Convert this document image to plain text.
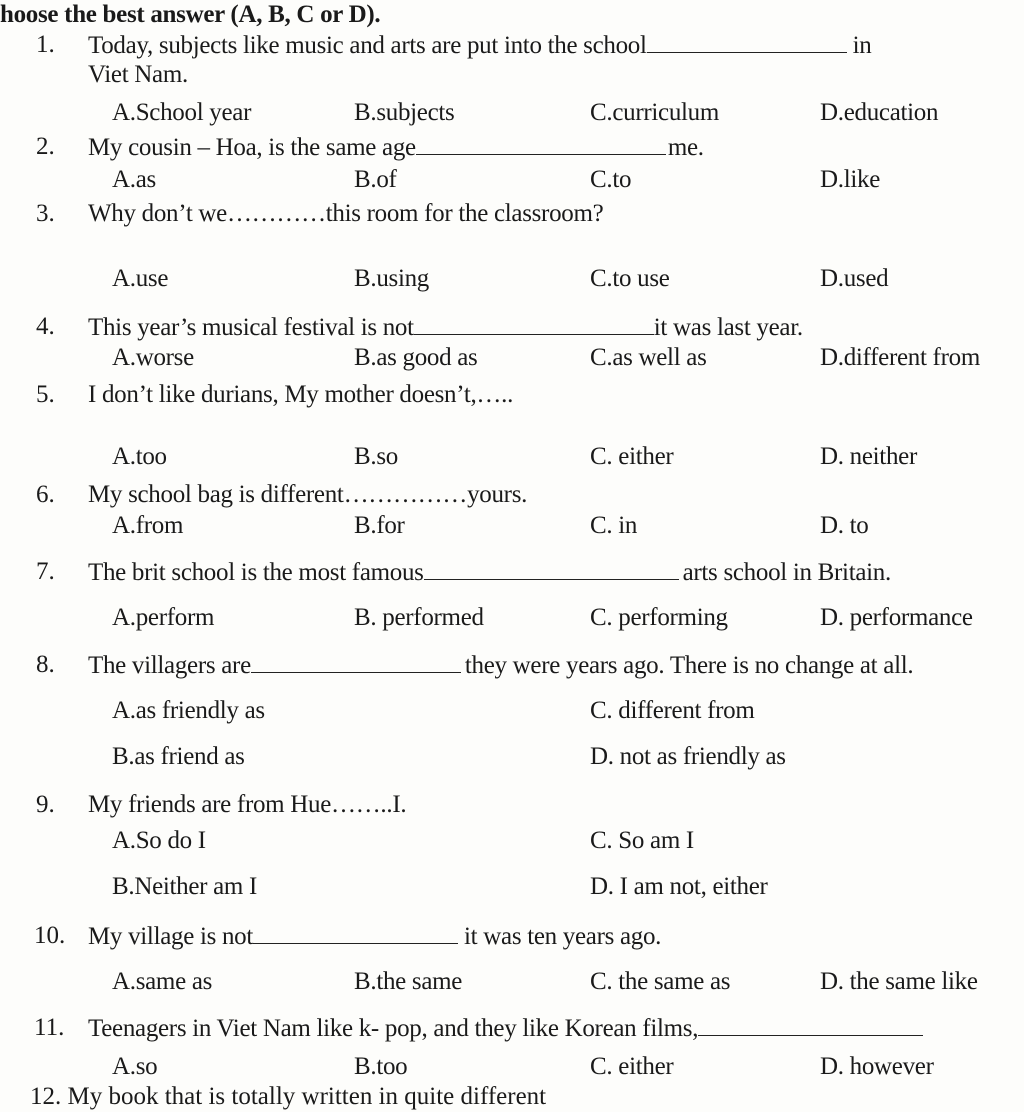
hoose the best answer (A, B, C or D).
1. Today, subjects like music and arts are put into the school	in
Viet Nam.
A.School year	B.subjects	C.curriculum	D.education
2. My cousin – Hoa, is the same age	me.
A.as	B.of	C.to	D.like
3. Why don’t we…………this room for the classroom?
A.use	B.using	C.to use	D.used
4. This year’s musical festival is not	it was last year.
A.worse	B.as good as	C.as well as	D.different from
5. I don’t like durians, My mother doesn’t,…..
A.too	B.so	C. either	D. neither
6. My school bag is different……………yours.
A.from	B.for	C. in	D. to
7. The brit school is the most famous	arts school in Britain.
A.perform	B. performed	C. performing	D. performance
8. The villagers are	they were years ago. There is no change at all.
A.as friendly as	C. different from
B.as friend as	D. not as friendly as
9. My friends are from Hue……..I.
A.So do I	C. So am I
B.Neither am I	D. I am not, either
10. My village is not	it was ten years ago.
A.same as	B.the same	C. the same as	D. the same like
11. Teenagers in Viet Nam like k- pop, and they like Korean films,
A.so	B.too	C. either	D. however
12. My book that is totally written in quite different
